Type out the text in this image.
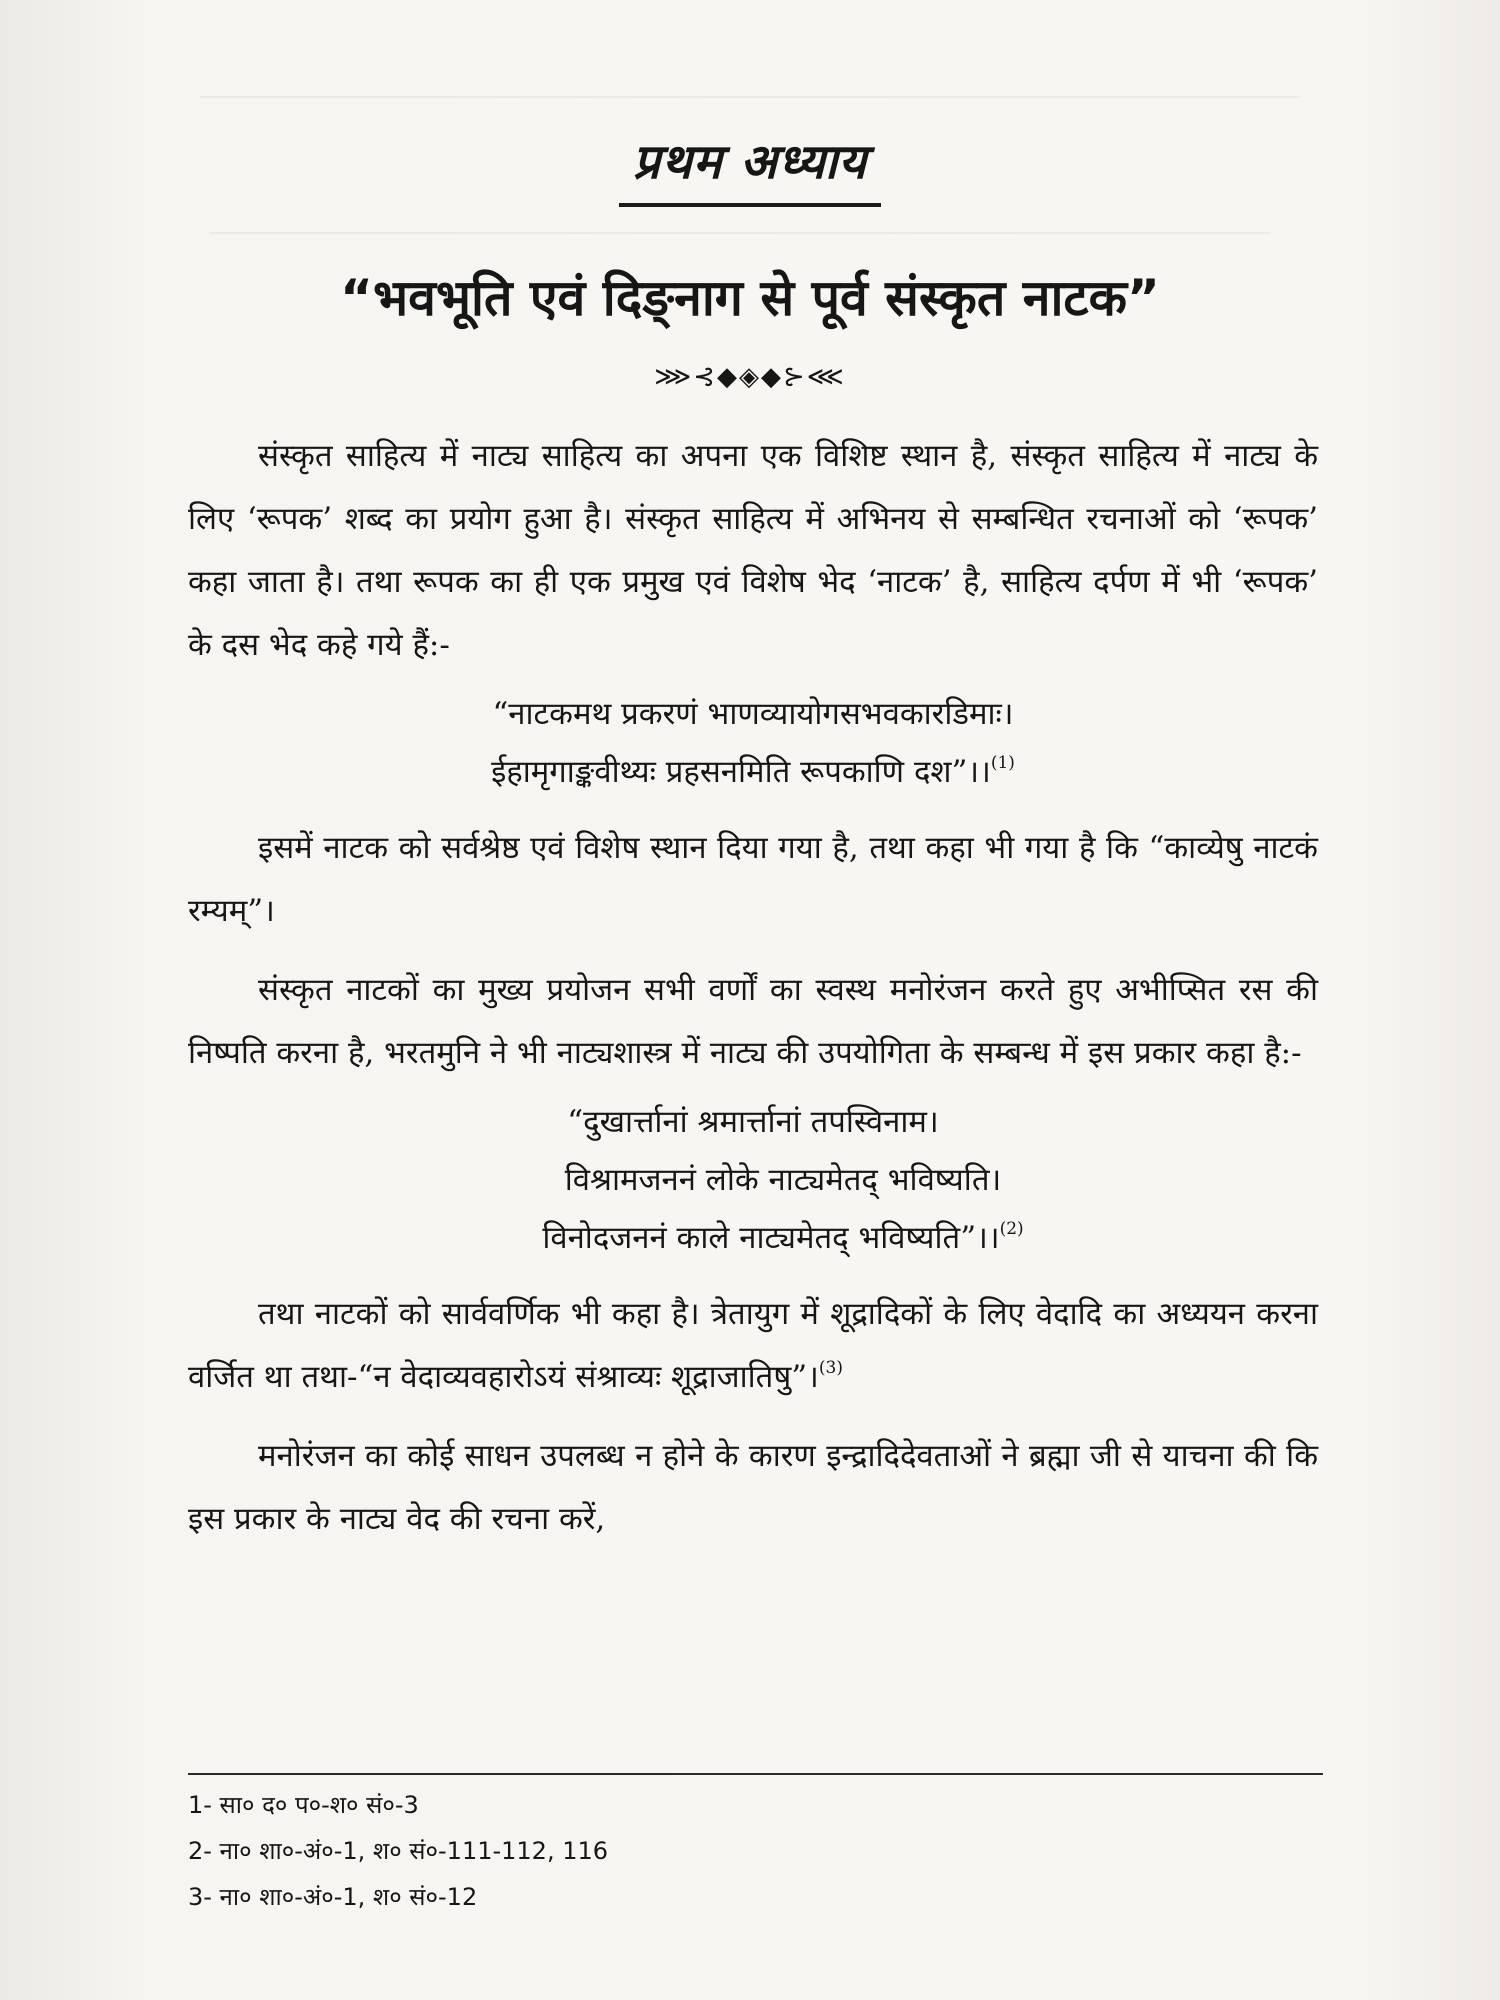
प्रथम अध्याय
“भवभूति एवं दिङ्नाग से पूर्व संस्कृत नाटक”
⋙⊰◆◈◆⊱⋘

संस्कृत साहित्य में नाट्य साहित्य का अपना एक विशिष्ट स्थान है, संस्कृत साहित्य में नाट्य के लिए ‘रूपक’ शब्द का प्रयोग हुआ है। संस्कृत साहित्य में अभिनय से सम्बन्धित रचनाओं को ‘रूपक’ कहा जाता है। तथा रूपक का ही एक प्रमुख एवं विशेष भेद ‘नाटक’ है, साहित्य दर्पण में भी ‘रूपक’ के दस भेद कहे गये हैं:-

“नाटकमथ प्रकरणं भाणव्यायोगसभवकारडिमाः।
ईहामृगाङ्कवीथ्यः प्रहसनमिति रूपकाणि दश”।।$^{(1)}$

इसमें नाटक को सर्वश्रेष्ठ एवं विशेष स्थान दिया गया है, तथा कहा भी गया है कि “काव्येषु नाटकं रम्यम्”।

संस्कृत नाटकों का मुख्य प्रयोजन सभी वर्णों का स्वस्थ मनोरंजन करते हुए अभीप्सित रस की निष्पति करना है, भरतमुनि ने भी नाट्यशास्त्र में नाट्य की उपयोगिता के सम्बन्ध में इस प्रकार कहा है:-

“दुखार्त्तानां श्रमार्त्तानां तपस्विनाम।
विश्रामजननं लोके नाट्यमेतद् भविष्यति।
विनोदजननं काले नाट्यमेतद् भविष्यति”।।$^{(2)}$

तथा नाटकों को सार्ववर्णिक भी कहा है। त्रेतायुग में शूद्रादिकों के लिए वेदादि का अध्ययन करना वर्जित था तथा-“न वेदाव्यवहारोऽयं संश्राव्यः शूद्राजातिषु”।$^{(3)}$

मनोरंजन का कोई साधन उपलब्ध न होने के कारण इन्द्रादिदेवताओं ने ब्रह्मा जी से याचना की कि इस प्रकार के नाट्य वेद की रचना करें,

1- सा० द० प०-श० सं०-3
2- ना० शा०-अं०-1, श० सं०-111-112, 116
3- ना० शा०-अं०-1, श० सं०-12
